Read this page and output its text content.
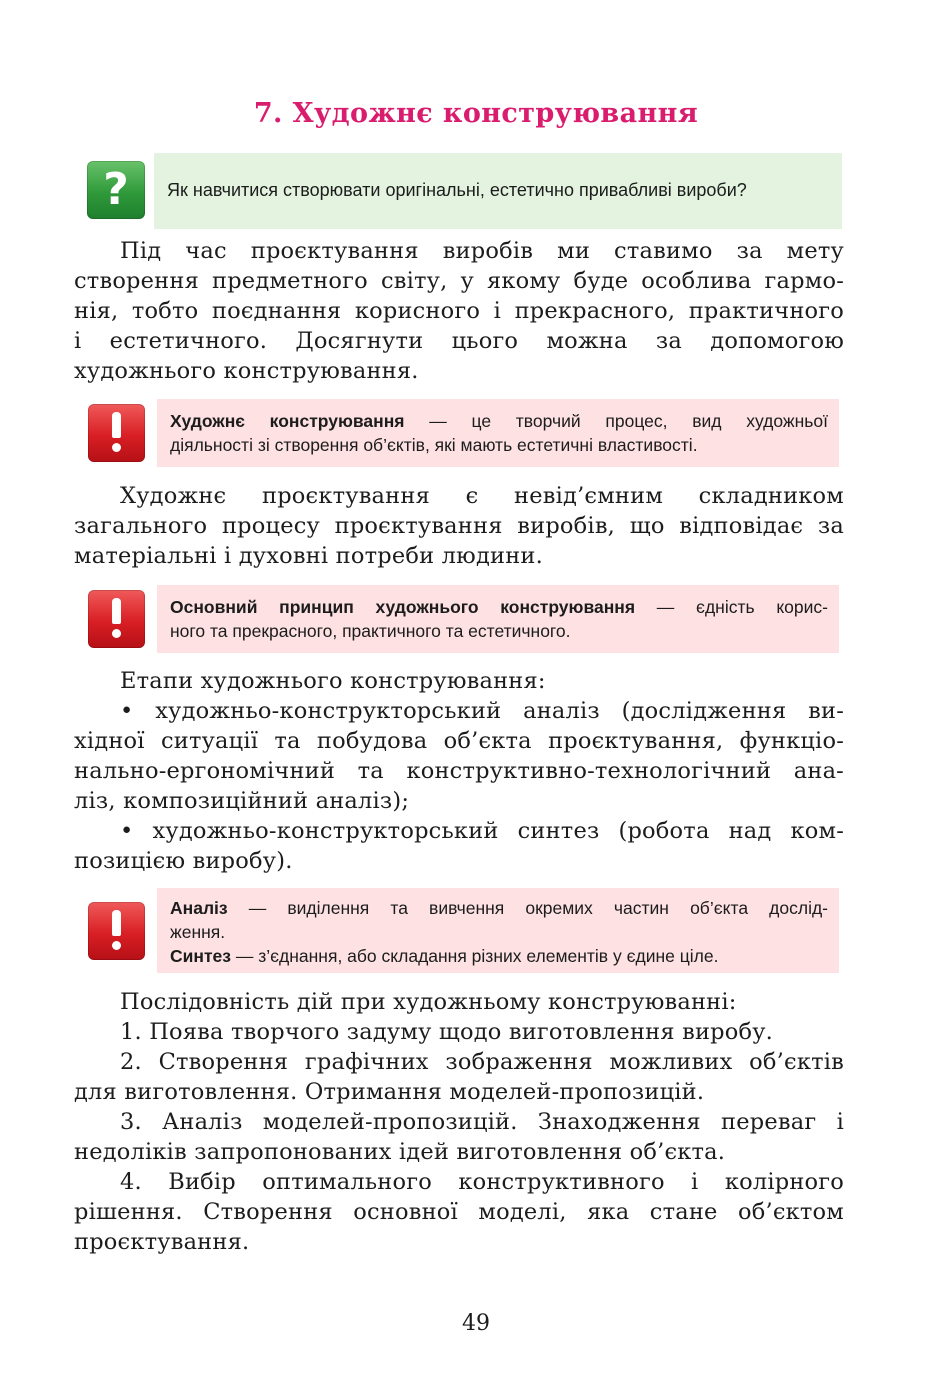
7. Художнє конструювання
?	Як навчитися створювати оригінальні, естетично привабливі вироби?
Під час проєктування виробів ми ставимо за мету
створення предметного світу, у якому буде особлива гармо-
нія, тобто поєднання корисного і прекрасного, практичного
і естетичного. Досягнути цього можна за допомогою
художнього конструювання.
Художнє конструювання — це творчий процес, вид художньої
діяльності зі створення об’єктів, які мають естетичні властивості.
Художнє проєктування є невід’ємним складником
загального процесу проєктування виробів, що відповідає за
матеріальні і духовні потреби людини.
Основний принцип художнього конструювання — єдність корис-
ного та прекрасного, практичного та естетичного.
Етапи художнього конструювання:
• художньо-конструкторський аналіз (дослідження ви-
хідної ситуації та побудова об’єкта проєктування, функціо-
нально-ергономічний та конструктивно-технологічний ана-
ліз, композиційний аналіз);
• художньо-конструкторський синтез (робота над ком-
позицією виробу).
Аналіз — виділення та вивчення окремих частин об’єкта дослід-
ження.
Синтез — з’єднання, або складання різних елементів у єдине ціле.
Послідовність дій при художньому конструюванні:
1. Поява творчого задуму щодо виготовлення виробу.
2. Створення графічних зображення можливих об’єктів
для виготовлення. Отримання моделей-пропозицій.
3. Аналіз моделей-пропозицій. Знаходження переваг і
недоліків запропонованих ідей виготовлення об’єкта.
4. Вибір оптимального конструктивного і колірного
рішення. Створення основної моделі, яка стане об’єктом
проєктування.
49
